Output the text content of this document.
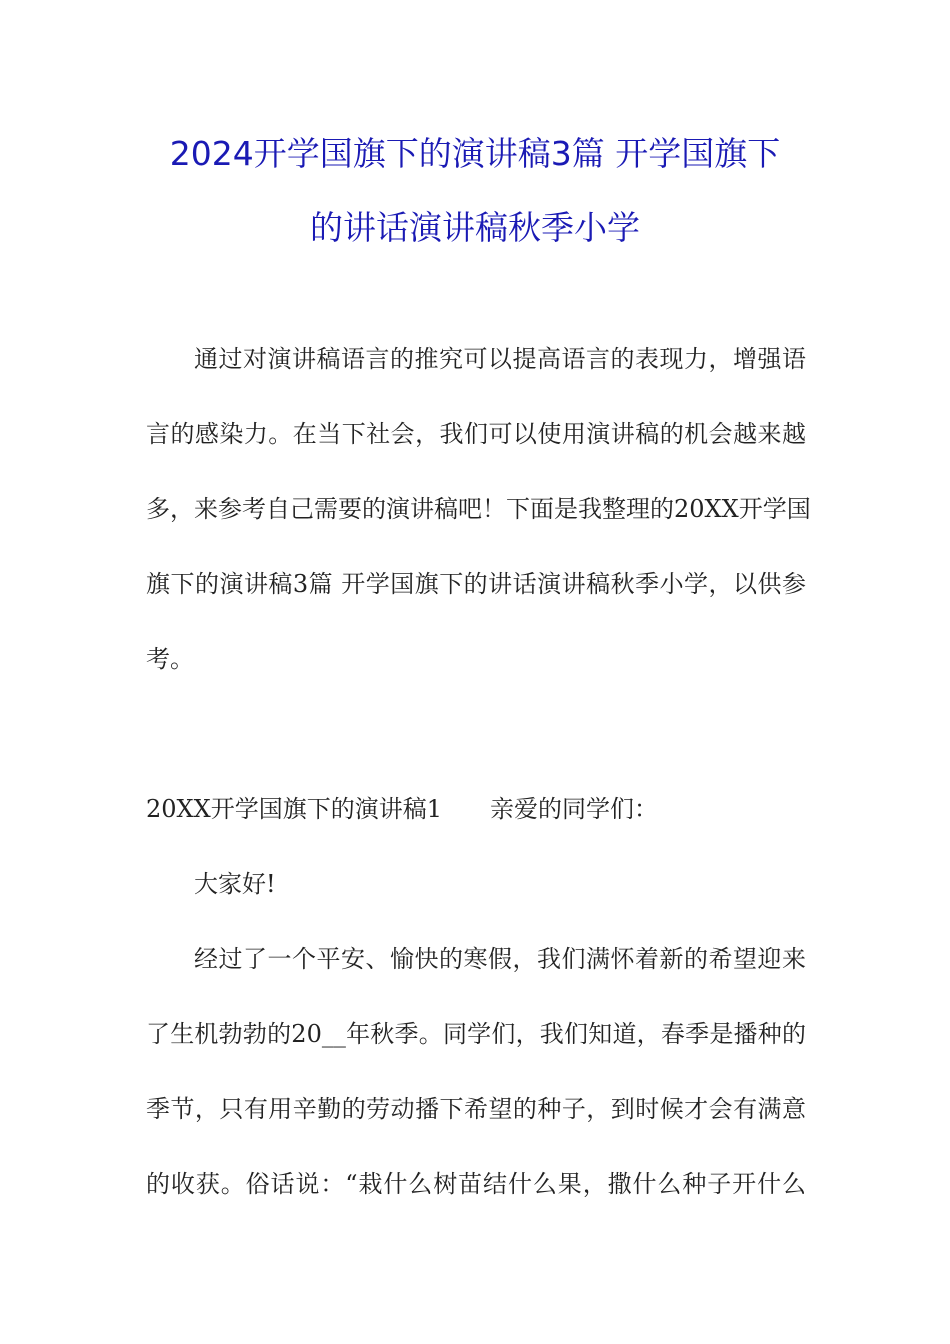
2024开学国旗下的演讲稿3篇 开学国旗下
的讲话演讲稿秋季小学
通过对演讲稿语言的推究可以提高语言的表现力，增强语
言的感染力。在当下社会，我们可以使用演讲稿的机会越来越
多，来参考自己需要的演讲稿吧！下面是我整理的20XX开学国
旗下的演讲稿3篇 开学国旗下的讲话演讲稿秋季小学，以供参
考。
20XX开学国旗下的演讲稿1　　亲爱的同学们：
大家好!
经过了一个平安、愉快的寒假，我们满怀着新的希望迎来
了生机勃勃的20__年秋季。同学们，我们知道，春季是播种的
季节，只有用辛勤的劳动播下希望的种子，到时候才会有满意
的收获。俗话说：“栽什么树苗结什么果，撒什么种子开什么
